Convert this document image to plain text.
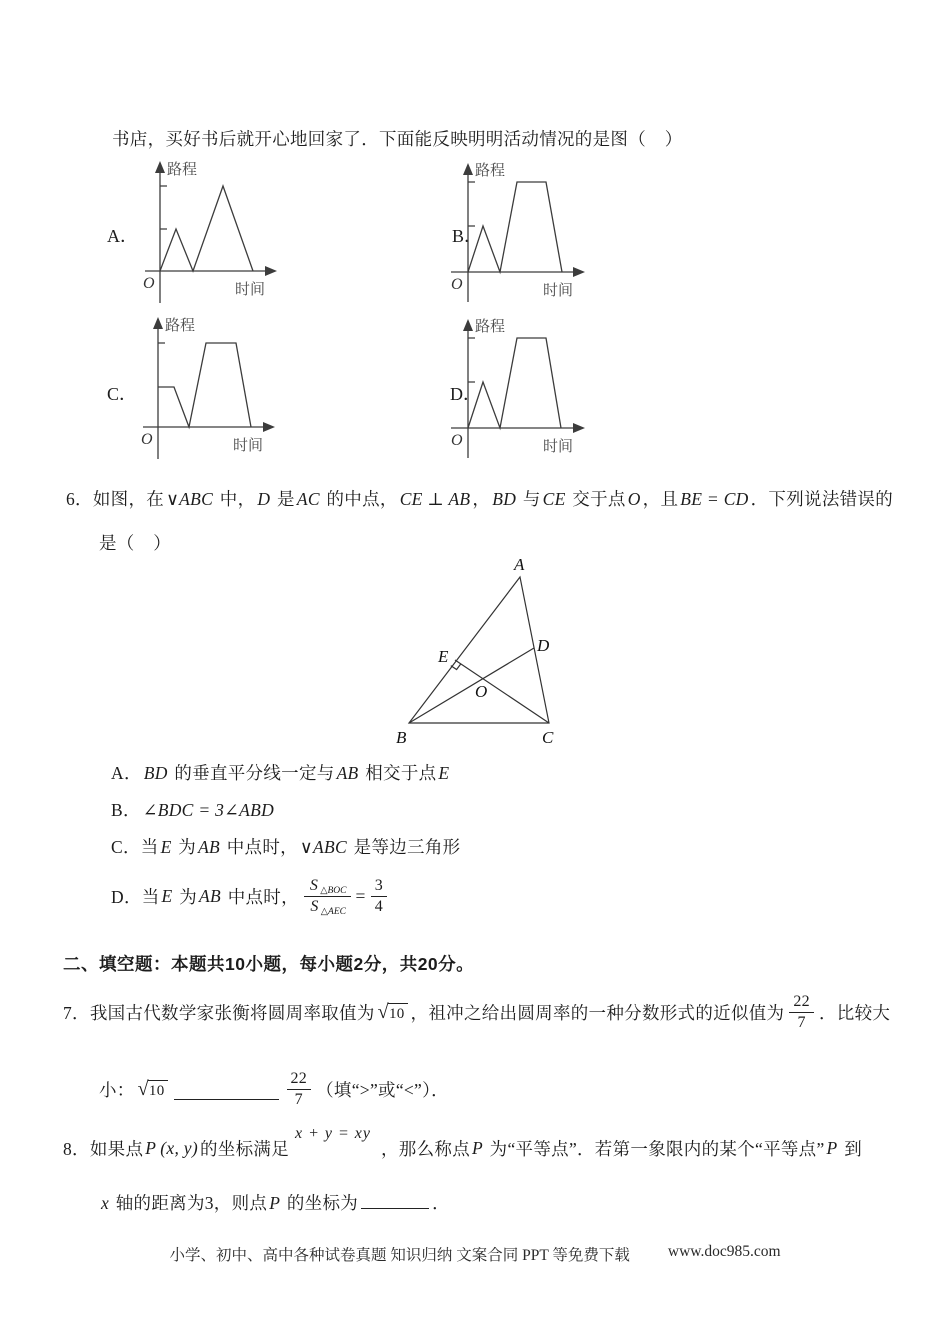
书店，买好书后就开心地回家了．下面能反映明明活动情况的是图（    ）
A．
路程
时间
O
B．
路程
时间
O
C．
路程
时间
O
D．
路程
时间
O
6．如图，在 ∨ABC 中， D 是 AC 的中点， CE ⊥ AB ， BD 与 CE 交于点 O ，且 BE = CD ．下列说法错误的
是（    ）
A
B	C
D
E
O
A． BD 的垂直平分线一定与 AB 相交于点 E
B． ∠BDC = 3∠ABD
C．当 E 为 AB 中点时， ∨ABC 是等边三角形
D．当 E 为 AB 中点时， $\frac{\text{S △BOC}}{\text{S △AEC}} = \frac{3}{4}$
二、填空题：本题共10小题，每小题2分，共20分。
7．我国古代数学家张衡将圆周率取值为 √ 10 ，祖冲之给出圆周率的一种分数形式的近似值为 $\frac{22}{7}$ ．比较大
小： √ 10	$\frac{22}{7}$ （填“>”或“<”）．
8．如果点 P (x, y) 的坐标满足
x + y = xy
，那么称点 P 为“平等点”．若第一象限内的某个“平等点” P 到
x 轴的距离为3，则点 P 的坐标为	．
小学、初中、高中各种试卷真题 知识归纳 文案合同 PPT 等免费下载 www.doc985.com
